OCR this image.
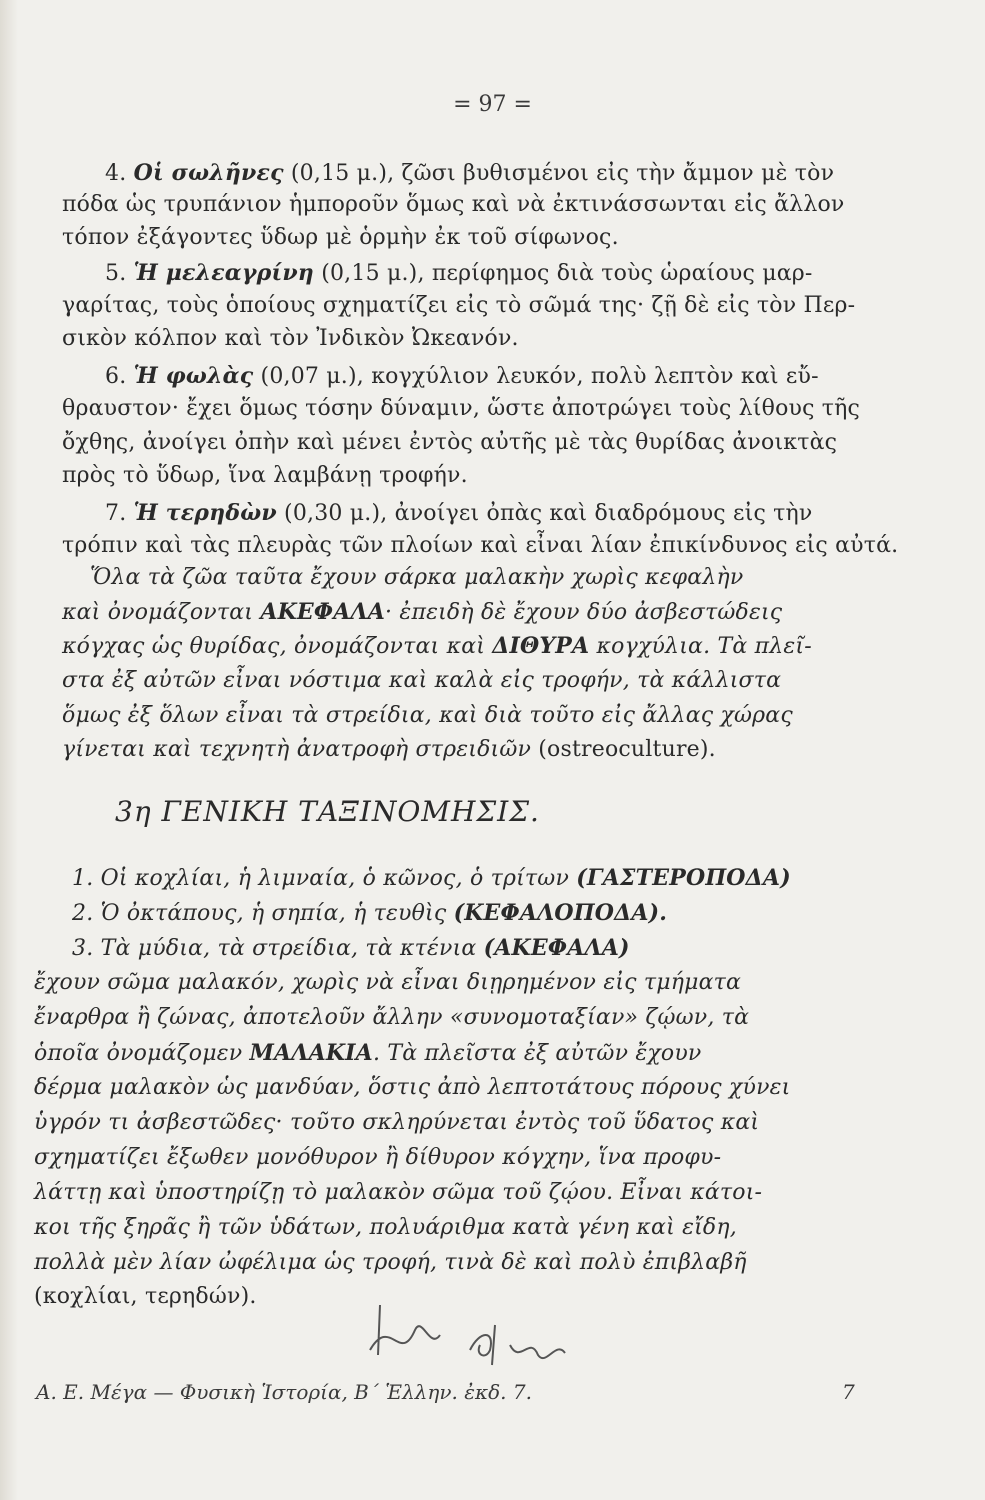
= 97 =
4. Οἱ σωλῆνες (0,15 μ.), ζῶσι βυθισμένοι εἰς τὴν ἄμμον μὲ τὸν
πόδα ὡς τρυπάνιον ἡμποροῦν ὅμως καὶ νὰ ἐκτινάσσωνται εἰς ἄλλον
τόπον ἐξάγοντες ὕδωρ μὲ ὁρμὴν ἐκ τοῦ σίφωνος.
5. Ἡ μελεαγρίνη (0,15 μ.), περίφημος διὰ τοὺς ὡραίους μαρ-
γαρίτας, τοὺς ὁποίους σχηματίζει εἰς τὸ σῶμά της· ζῇ δὲ εἰς τὸν Περ-
σικὸν κόλπον καὶ τὸν Ἰνδικὸν Ὠκεανόν.
6. Ἡ φωλὰς (0,07 μ.), κογχύλιον λευκόν, πολὺ λεπτὸν καὶ εὔ-
θραυστον· ἔχει ὅμως τόσην δύναμιν, ὥστε ἀποτρώγει τοὺς λίθους τῆς
ὄχθης, ἀνοίγει ὀπὴν καὶ μένει ἐντὸς αὐτῆς μὲ τὰς θυρίδας ἀνοικτὰς
πρὸς τὸ ὕδωρ, ἵνα λαμβάνῃ τροφήν.
7. Ἡ τερηδὼν (0,30 μ.), ἀνοίγει ὀπὰς καὶ διαδρόμους εἰς τὴν
τρόπιν καὶ τὰς πλευρὰς τῶν πλοίων καὶ εἶναι λίαν ἐπικίνδυνος εἰς αὐτά.
Ὅλα τὰ ζῶα ταῦτα ἔχουν σάρκα μαλακὴν χωρὶς κεφαλὴν
καὶ ὀνομάζονται ΑΚΕΦΑΛΑ· ἐπειδὴ δὲ ἔχουν δύο ἀσβεστώδεις
κόγχας ὡς θυρίδας, ὀνομάζονται καὶ ΔΙΘΥΡΑ κογχύλια. Τὰ πλεῖ-
στα ἐξ αὐτῶν εἶναι νόστιμα καὶ καλὰ εἰς τροφήν, τὰ κάλλιστα
ὅμως ἐξ ὅλων εἶναι τὰ στρείδια, καὶ διὰ τοῦτο εἰς ἄλλας χώρας
γίνεται καὶ τεχνητὴ ἀνατροφὴ στρειδιῶν (ostreoculture).
3η ΓΕΝΙΚΗ ΤΑΞΙΝΟΜΗΣΙΣ.
1. Οἱ κοχλίαι, ἡ λιμναία, ὁ κῶνος, ὁ τρίτων (ΓΑΣΤΕΡΟΠΟΔΑ)
2. Ὁ ὀκτάπους, ἡ σηπία, ἡ τευθὶς (ΚΕΦΑΛΟΠΟΔΑ).
3. Τὰ μύδια, τὰ στρείδια, τὰ κτένια (ΑΚΕΦΑΛΑ)
ἔχουν σῶμα μαλακόν, χωρὶς νὰ εἶναι διῃρημένον εἰς τμήματα
ἔναρθρα ἢ ζώνας, ἀποτελοῦν ἄλλην «συνομοταξίαν» ζῴων, τὰ
ὁποῖα ὀνομάζομεν ΜΑΛΑΚΙΑ. Τὰ πλεῖστα ἐξ αὐτῶν ἔχουν
δέρμα μαλακὸν ὡς μανδύαν, ὅστις ἀπὸ λεπτοτάτους πόρους χύνει
ὑγρόν τι ἀσβεστῶδες· τοῦτο σκληρύνεται ἐντὸς τοῦ ὕδατος καὶ
σχηματίζει ἔξωθεν μονόθυρον ἢ δίθυρον κόγχην, ἵνα προφυ-
λάττῃ καὶ ὑποστηρίζῃ τὸ μαλακὸν σῶμα τοῦ ζῴου. Εἶναι κάτοι-
κοι τῆς ξηρᾶς ἢ τῶν ὑδάτων, πολυάριθμα κατὰ γένη καὶ εἴδη,
πολλὰ μὲν λίαν ὠφέλιμα ὡς τροφή, τινὰ δὲ καὶ πολὺ ἐπιβλαβῆ
(κοχλίαι, τερηδών).
Α. Ε. Μέγα — Φυσικὴ Ἱστορία, Β΄ Ἑλλην. ἐκδ. 7.	7
